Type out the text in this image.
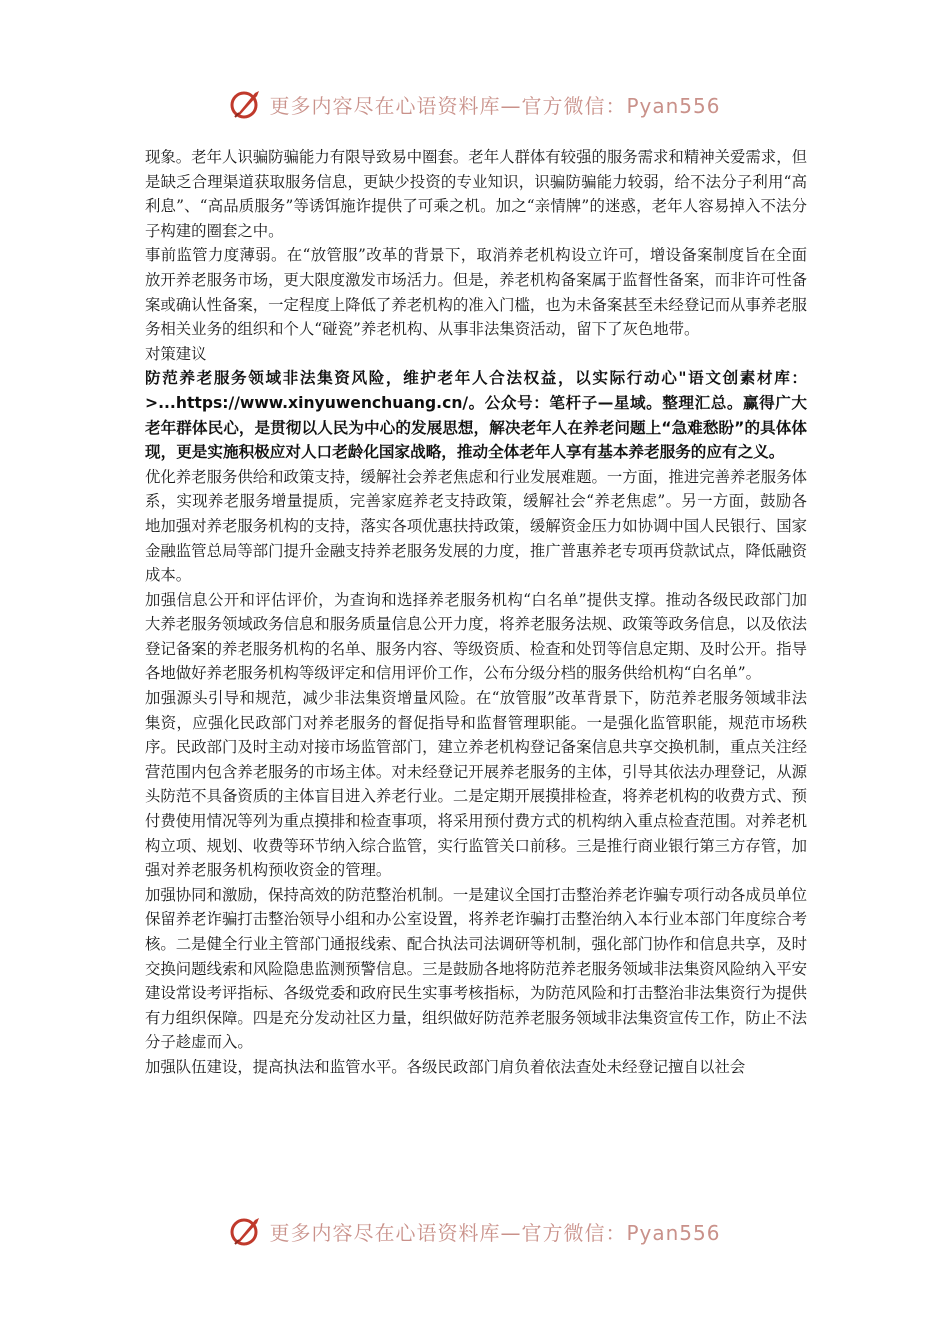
更多内容尽在心语资料库—官方微信：Pyan556

现象。老年人识骗防骗能力有限导致易中圈套。老年人群体有较强的服务需求和精神关爱需求，但是缺乏合理渠道获取服务信息，更缺少投资的专业知识，识骗防骗能力较弱，给不法分子利用“高利息”、“高品质服务”等诱饵施诈提供了可乘之机。加之“亲情牌”的迷惑，老年人容易掉入不法分子构建的圈套之中。

事前监管力度薄弱。在“放管服”改革的背景下，取消养老机构设立许可，增设备案制度旨在全面放开养老服务市场，更大限度激发市场活力。但是，养老机构备案属于监督性备案，而非许可性备案或确认性备案，一定程度上降低了养老机构的准入门槛，也为未备案甚至未经登记而从事养老服务相关业务的组织和个人“碰瓷”养老机构、从事非法集资活动，留下了灰色地带。

对策建议

防范养老服务领域非法集资风险，维护老年人合法权益，以实际行动心"语文创素材库：>...https://www.xinyuwenchuang.cn/。公众号：笔杆子—星域。整理汇总。赢得广大老年群体民心，是贯彻以人民为中心的发展思想，解决老年人在养老问题上“急难愁盼”的具体体现，更是实施积极应对人口老龄化国家战略，推动全体老年人享有基本养老服务的应有之义。

优化养老服务供给和政策支持，缓解社会养老焦虑和行业发展难题。一方面，推进完善养老服务体系，实现养老服务增量提质，完善家庭养老支持政策，缓解社会“养老焦虑”。另一方面，鼓励各地加强对养老服务机构的支持，落实各项优惠扶持政策，缓解资金压力如协调中国人民银行、国家金融监管总局等部门提升金融支持养老服务发展的力度，推广普惠养老专项再贷款试点，降低融资成本。

加强信息公开和评估评价，为查询和选择养老服务机构“白名单”提供支撑。推动各级民政部门加大养老服务领域政务信息和服务质量信息公开力度，将养老服务法规、政策等政务信息，以及依法登记备案的养老服务机构的名单、服务内容、等级资质、检查和处罚等信息定期、及时公开。指导各地做好养老服务机构等级评定和信用评价工作，公布分级分档的服务供给机构“白名单”。

加强源头引导和规范，减少非法集资增量风险。在“放管服”改革背景下，防范养老服务领域非法集资，应强化民政部门对养老服务的督促指导和监督管理职能。一是强化监管职能，规范市场秩序。民政部门及时主动对接市场监管部门，建立养老机构登记备案信息共享交换机制，重点关注经营范围内包含养老服务的市场主体。对未经登记开展养老服务的主体，引导其依法办理登记，从源头防范不具备资质的主体盲目进入养老行业。二是定期开展摸排检查，将养老机构的收费方式、预付费使用情况等列为重点摸排和检查事项，将采用预付费方式的机构纳入重点检查范围。对养老机构立项、规划、收费等环节纳入综合监管，实行监管关口前移。三是推行商业银行第三方存管，加强对养老服务机构预收资金的管理。

加强协同和激励，保持高效的防范整治机制。一是建议全国打击整治养老诈骗专项行动各成员单位保留养老诈骗打击整治领导小组和办公室设置，将养老诈骗打击整治纳入本行业本部门年度综合考核。二是健全行业主管部门通报线索、配合执法司法调研等机制，强化部门协作和信息共享，及时交换问题线索和风险隐患监测预警信息。三是鼓励各地将防范养老服务领域非法集资风险纳入平安建设常设考评指标、各级党委和政府民生实事考核指标，为防范风险和打击整治非法集资行为提供有力组织保障。四是充分发动社区力量，组织做好防范养老服务领域非法集资宣传工作，防止不法分子趁虚而入。

加强队伍建设，提高执法和监管水平。各级民政部门肩负着依法查处未经登记擅自以社会

更多内容尽在心语资料库—官方微信：Pyan556
